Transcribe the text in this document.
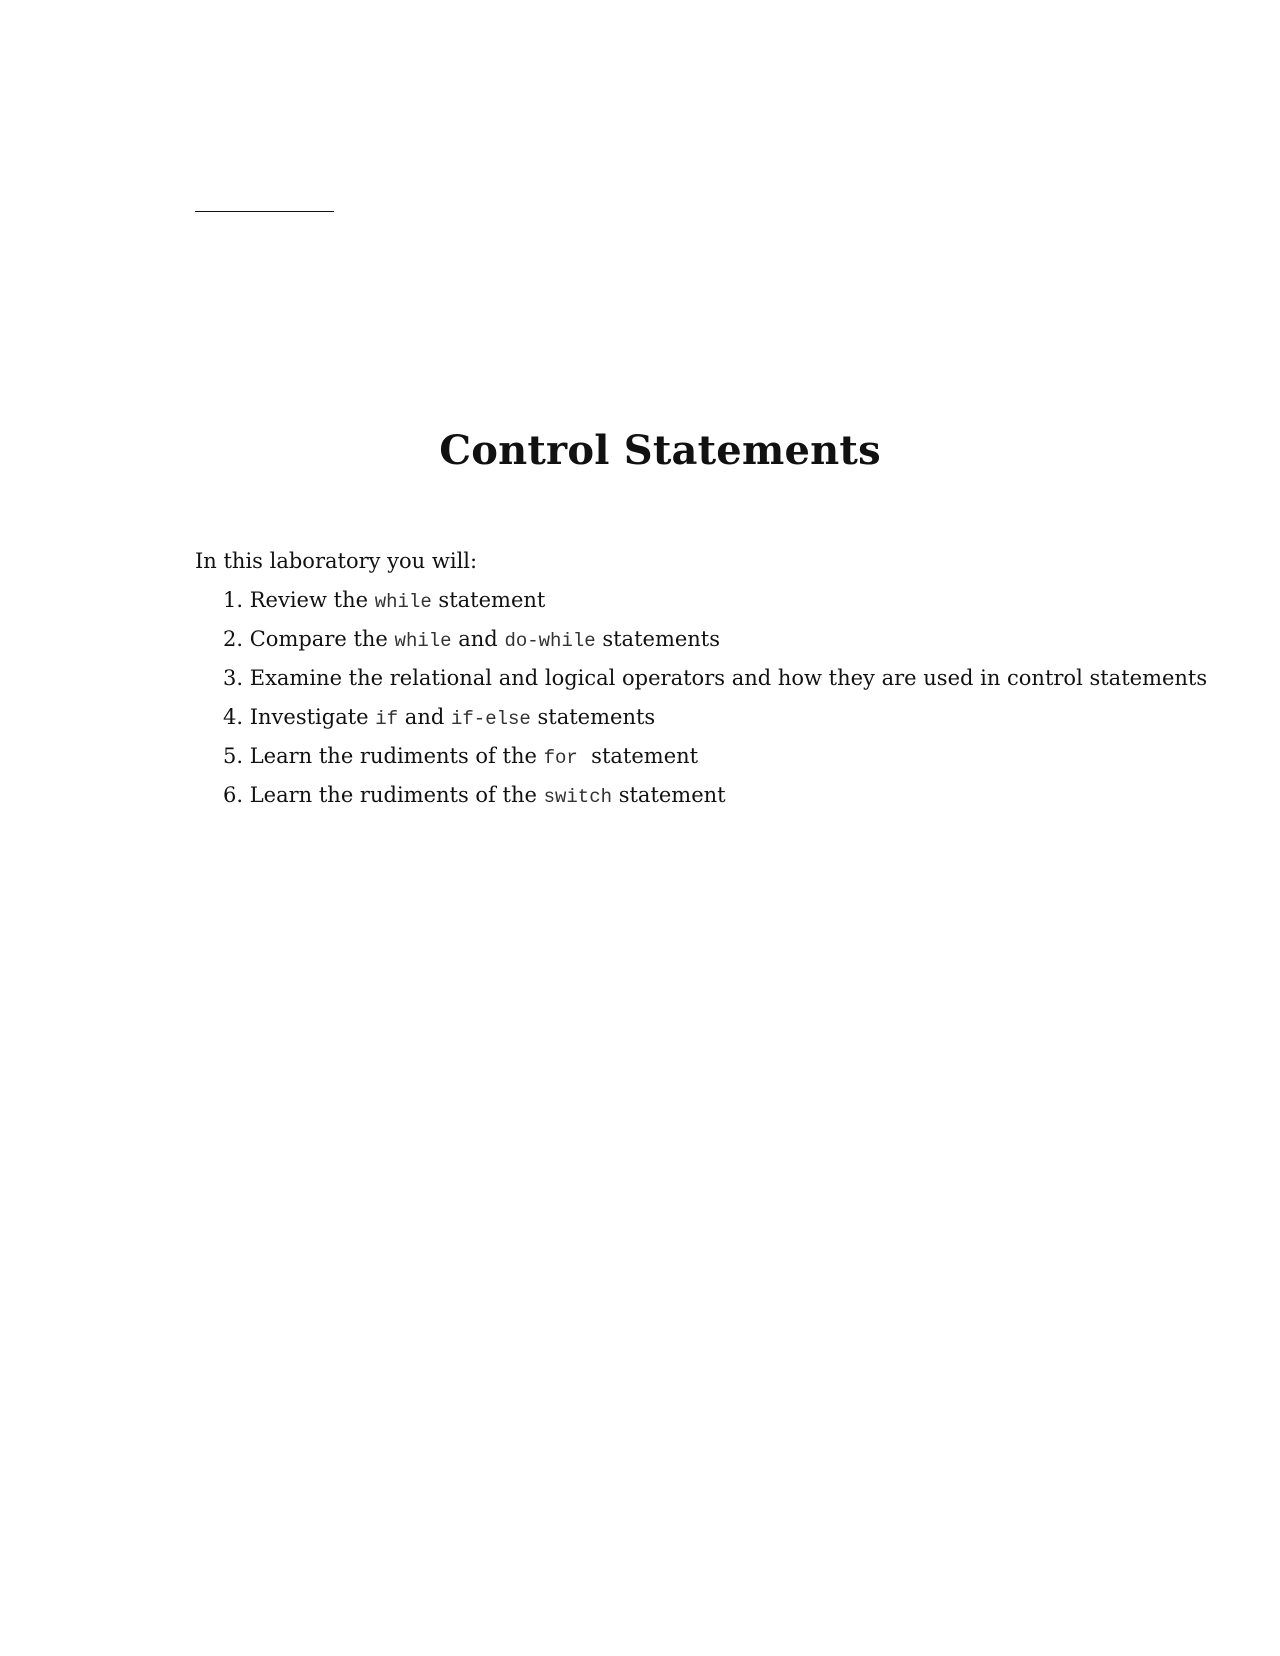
Control Statements

In this laboratory you will:

1. Review the while statement
2. Compare the while and do-while statements
3. Examine the relational and logical operators and how they are used in control statements
4. Investigate if and if-else statements
5. Learn the rudiments of the for statement
6. Learn the rudiments of the switch statement
